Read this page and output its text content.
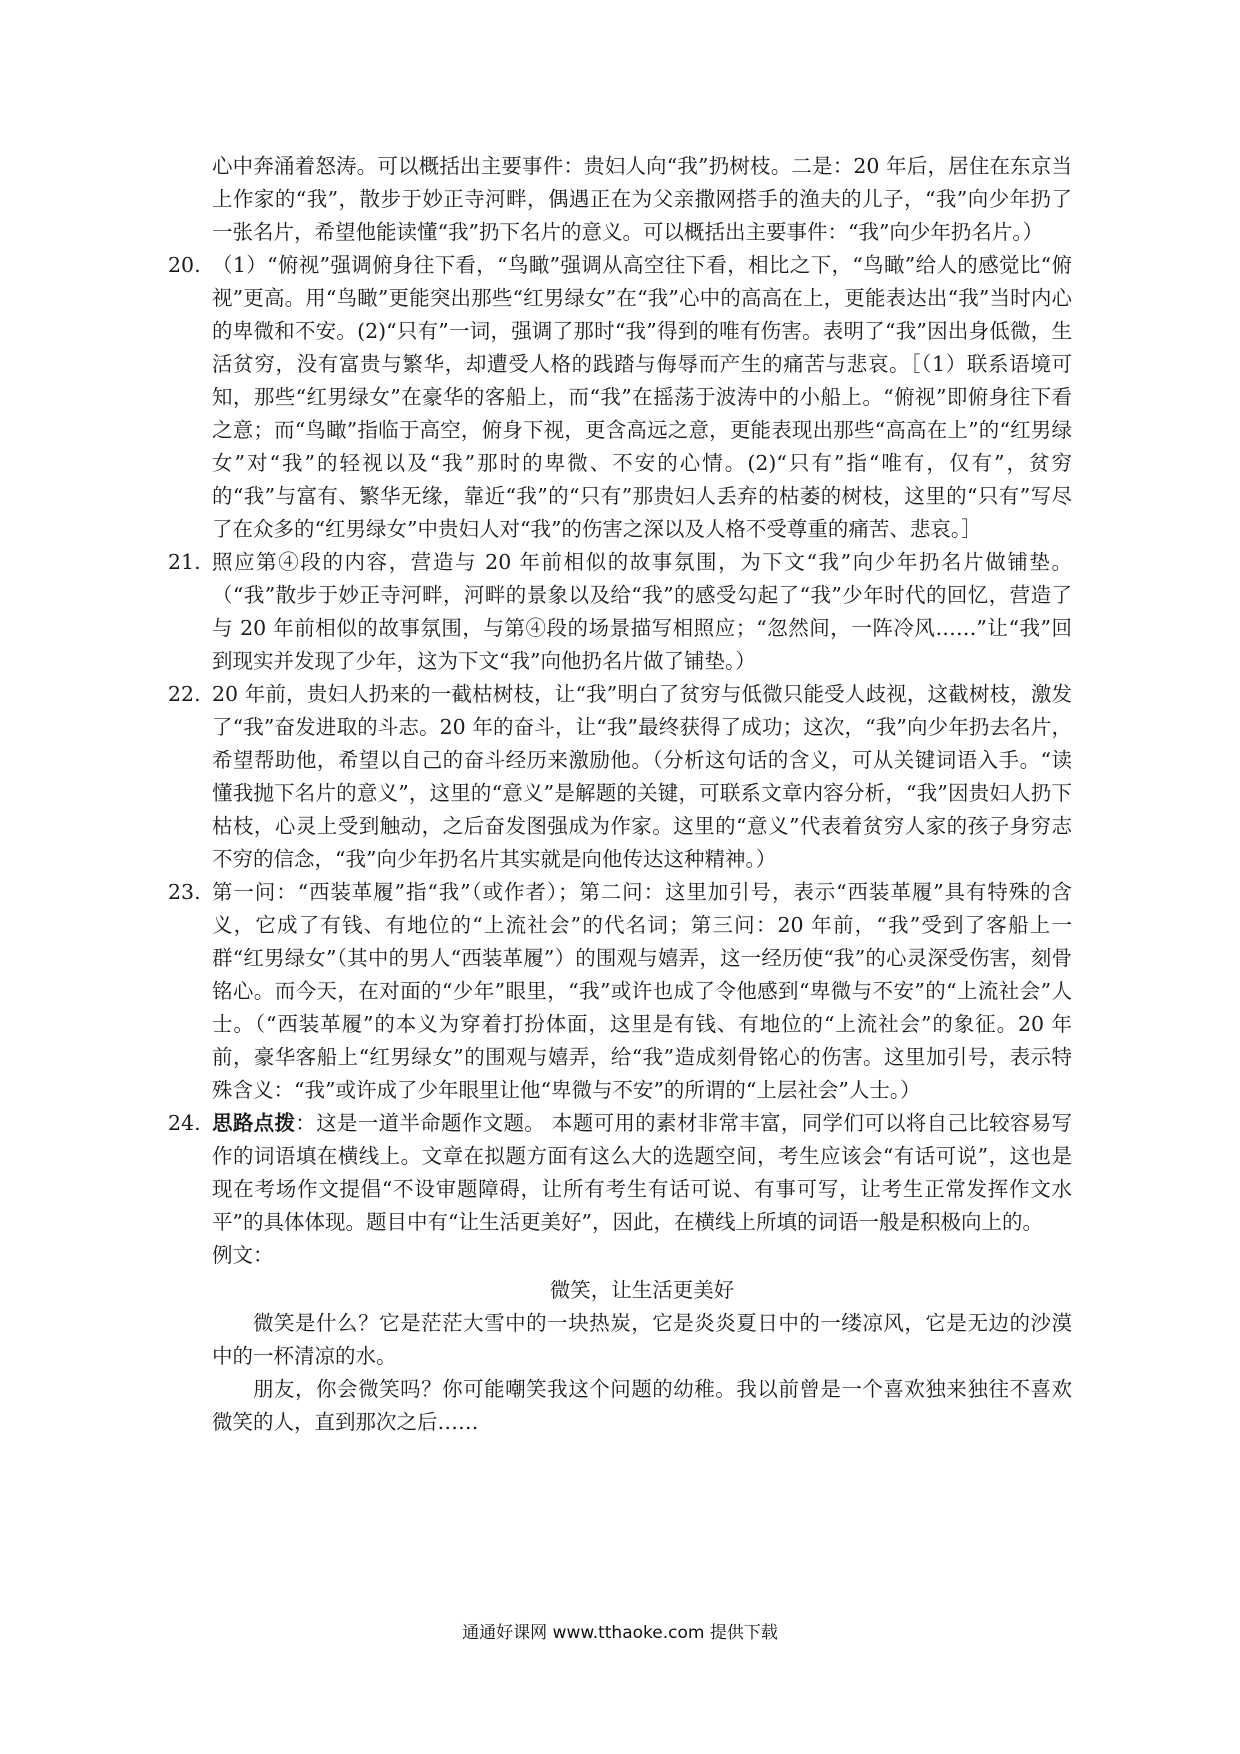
心中奔涌着怒涛。可以概括出主要事件：贵妇人向“我”扔树枝。二是：20 年后，居住在东京当上作家的“我”，散步于妙正寺河畔，偶遇正在为父亲撒网搭手的渔夫的儿子，“我”向少年扔了一张名片，希望他能读懂“我”扔下名片的意义。可以概括出主要事件：“我”向少年扔名片。）

20. （1）“俯视”强调俯身往下看，“鸟瞰”强调从高空往下看，相比之下，“鸟瞰”给人的感觉比“俯视”更高。用“鸟瞰”更能突出那些“红男绿女”在“我”心中的高高在上，更能表达出“我”当时内心的卑微和不安。(2)“只有”一词，强调了那时“我”得到的唯有伤害。表明了“我”因出身低微，生活贫穷，没有富贵与繁华，却遭受人格的践踏与侮辱而产生的痛苦与悲哀。［（1）联系语境可知，那些“红男绿女”在豪华的客船上，而“我”在摇荡于波涛中的小船上。“俯视”即俯身往下看之意；而“鸟瞰”指临于高空，俯身下视，更含高远之意，更能表现出那些“高高在上”的“红男绿女”对“我”的轻视以及“我”那时的卑微、不安的心情。(2)“只有”指“唯有，仅有”，贫穷的“我”与富有、繁华无缘，靠近“我”的“只有”那贵妇人丢弃的枯萎的树枝，这里的“只有”写尽了在众多的“红男绿女”中贵妇人对“我”的伤害之深以及人格不受尊重的痛苦、悲哀。］
21. 照应第④段的内容，营造与 20 年前相似的故事氛围，为下文“我”向少年扔名片做铺垫。（“我”散步于妙正寺河畔，河畔的景象以及给“我”的感受勾起了“我”少年时代的回忆，营造了与 20 年前相似的故事氛围，与第④段的场景描写相照应；“忽然间，一阵冷风……”让“我”回到现实并发现了少年，这为下文“我”向他扔名片做了铺垫。）
22. 20 年前，贵妇人扔来的一截枯树枝，让“我”明白了贫穷与低微只能受人歧视，这截树枝，激发了“我”奋发进取的斗志。20 年的奋斗，让“我”最终获得了成功；这次，“我”向少年扔去名片，希望帮助他，希望以自己的奋斗经历来激励他。（分析这句话的含义，可从关键词语入手。“读懂我抛下名片的意义”，这里的“意义”是解题的关键，可联系文章内容分析，“我”因贵妇人扔下枯枝，心灵上受到触动，之后奋发图强成为作家。这里的“意义”代表着贫穷人家的孩子身穷志不穷的信念，“我”向少年扔名片其实就是向他传达这种精神。）
23. 第一问：“西装革履”指“我”（或作者）；第二问：这里加引号，表示“西装革履”具有特殊的含义，它成了有钱、有地位的“上流社会”的代名词；第三问：20 年前，“我”受到了客船上一群“红男绿女”（其中的男人“西装革履”）的围观与嬉弄，这一经历使“我”的心灵深受伤害，刻骨铭心。而今天，在对面的“少年”眼里，“我”或许也成了令他感到“卑微与不安”的“上流社会”人士。（“西装革履”的本义为穿着打扮体面，这里是有钱、有地位的“上流社会”的象征。20 年前，豪华客船上“红男绿女”的围观与嬉弄，给“我”造成刻骨铭心的伤害。这里加引号，表示特殊含义：“我”或许成了少年眼里让他“卑微与不安”的所谓的“上层社会”人士。）
24. 思路点拨：这是一道半命题作文题。 本题可用的素材非常丰富，同学们可以将自己比较容易写作的词语填在横线上。文章在拟题方面有这么大的选题空间，考生应该会“有话可说”，这也是现在考场作文提倡“不设审题障碍，让所有考生有话可说、有事可写，让考生正常发挥作文水平”的具体体现。题目中有“让生活更美好”，因此，在横线上所填的词语一般是积极向上的。

例文：

微笑，让生活更美好

微笑是什么？它是茫茫大雪中的一块热炭，它是炎炎夏日中的一缕凉风，它是无边的沙漠中的一杯清凉的水。

朋友，你会微笑吗？你可能嘲笑我这个问题的幼稚。我以前曾是一个喜欢独来独往不喜欢微笑的人，直到那次之后……

通通好课网 www.tthaoke.com 提供下载
